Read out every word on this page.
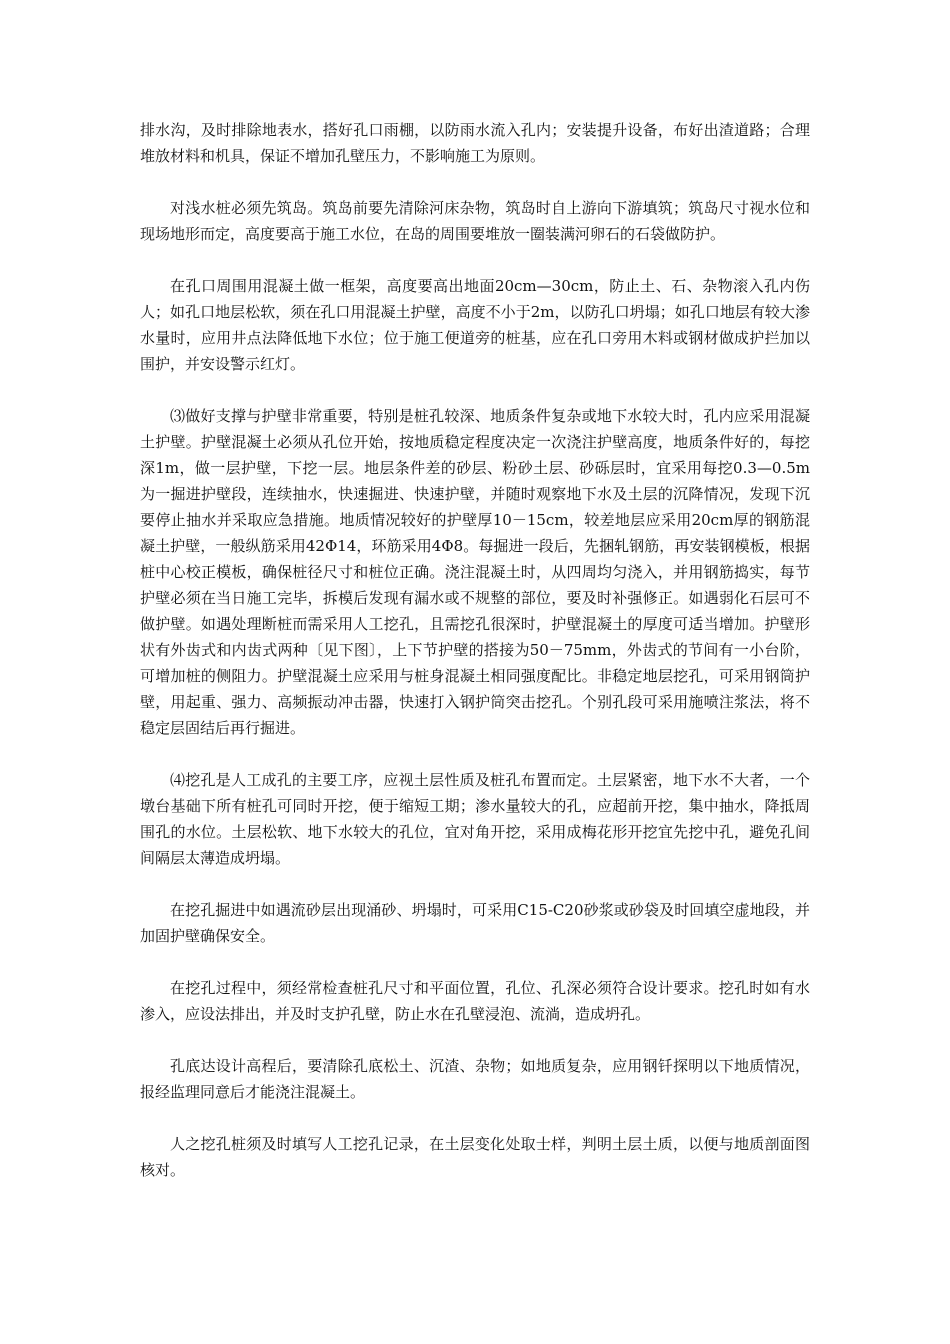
排水沟，及时排除地表水，搭好孔口雨棚，以防雨水流入孔内；安装提升设备，布好出渣道路；合理堆放材料和机具，保证不增加孔壁压力，不影响施工为原则。

对浅水桩必须先筑岛。筑岛前要先清除河床杂物，筑岛时自上游向下游填筑；筑岛尺寸视水位和现场地形而定，高度要高于施工水位，在岛的周围要堆放一圈装满河卵石的石袋做防护。

在孔口周围用混凝土做一框架，高度要高出地面20cm—30cm，防止土、石、杂物滚入孔内伤人；如孔口地层松软，须在孔口用混凝土护壁，高度不小于2m，以防孔口坍塌；如孔口地层有较大渗水量时，应用井点法降低地下水位；位于施工便道旁的桩基，应在孔口旁用木料或钢材做成护拦加以围护，并安设警示红灯。

⑶做好支撑与护壁非常重要，特别是桩孔较深、地质条件复杂或地下水较大时，孔内应采用混凝土护壁。护壁混凝土必须从孔位开始，按地质稳定程度决定一次浇注护壁高度，地质条件好的，每挖深1m，做一层护壁，下挖一层。地层条件差的砂层、粉砂土层、砂砾层时，宜采用每挖0.3—0.5m为一掘进护壁段，连续抽水，快速掘进、快速护壁，并随时观察地下水及土层的沉降情况，发现下沉要停止抽水并采取应急措施。地质情况较好的护壁厚10－15cm，较差地层应采用20cm厚的钢筋混凝土护壁，一般纵筋采用42Φ14，环筋采用4Φ8。每掘进一段后，先捆轧钢筋，再安装钢模板，根据桩中心校正模板，确保桩径尺寸和桩位正确。浇注混凝土时，从四周均匀浇入，并用钢筋捣实，每节护壁必须在当日施工完毕，拆模后发现有漏水或不规整的部位，要及时补强修正。如遇弱化石层可不做护壁。如遇处理断桩而需采用人工挖孔，且需挖孔很深时，护壁混凝土的厚度可适当增加。护壁形状有外齿式和内齿式两种〔见下图〕，上下节护壁的搭接为50－75mm，外齿式的节间有一小台阶，可增加桩的侧阻力。护壁混凝土应采用与桩身混凝土相同强度配比。非稳定地层挖孔，可采用钢筒护壁，用起重、强力、高频振动冲击器，快速打入钢护筒突击挖孔。个别孔段可采用施喷注浆法，将不稳定层固结后再行掘进。

⑷挖孔是人工成孔的主要工序，应视土层性质及桩孔布置而定。土层紧密，地下水不大者，一个墩台基础下所有桩孔可同时开挖，便于缩短工期；渗水量较大的孔，应超前开挖，集中抽水，降抵周围孔的水位。土层松软、地下水较大的孔位，宜对角开挖，采用成梅花形开挖宜先挖中孔，避免孔间间隔层太薄造成坍塌。

在挖孔掘进中如遇流砂层出现涌砂、坍塌时，可采用C15-C20砂浆或砂袋及时回填空虚地段，并加固护壁确保安全。

在挖孔过程中，须经常检查桩孔尺寸和平面位置，孔位、孔深必须符合设计要求。挖孔时如有水渗入，应设法排出，并及时支护孔壁，防止水在孔壁浸泡、流淌，造成坍孔。

孔底达设计高程后，要清除孔底松土、沉渣、杂物；如地质复杂，应用钢钎探明以下地质情况，报经监理同意后才能浇注混凝土。

人之挖孔桩须及时填写人工挖孔记录，在土层变化处取士样，判明土层土质，以便与地质剖面图核对。
